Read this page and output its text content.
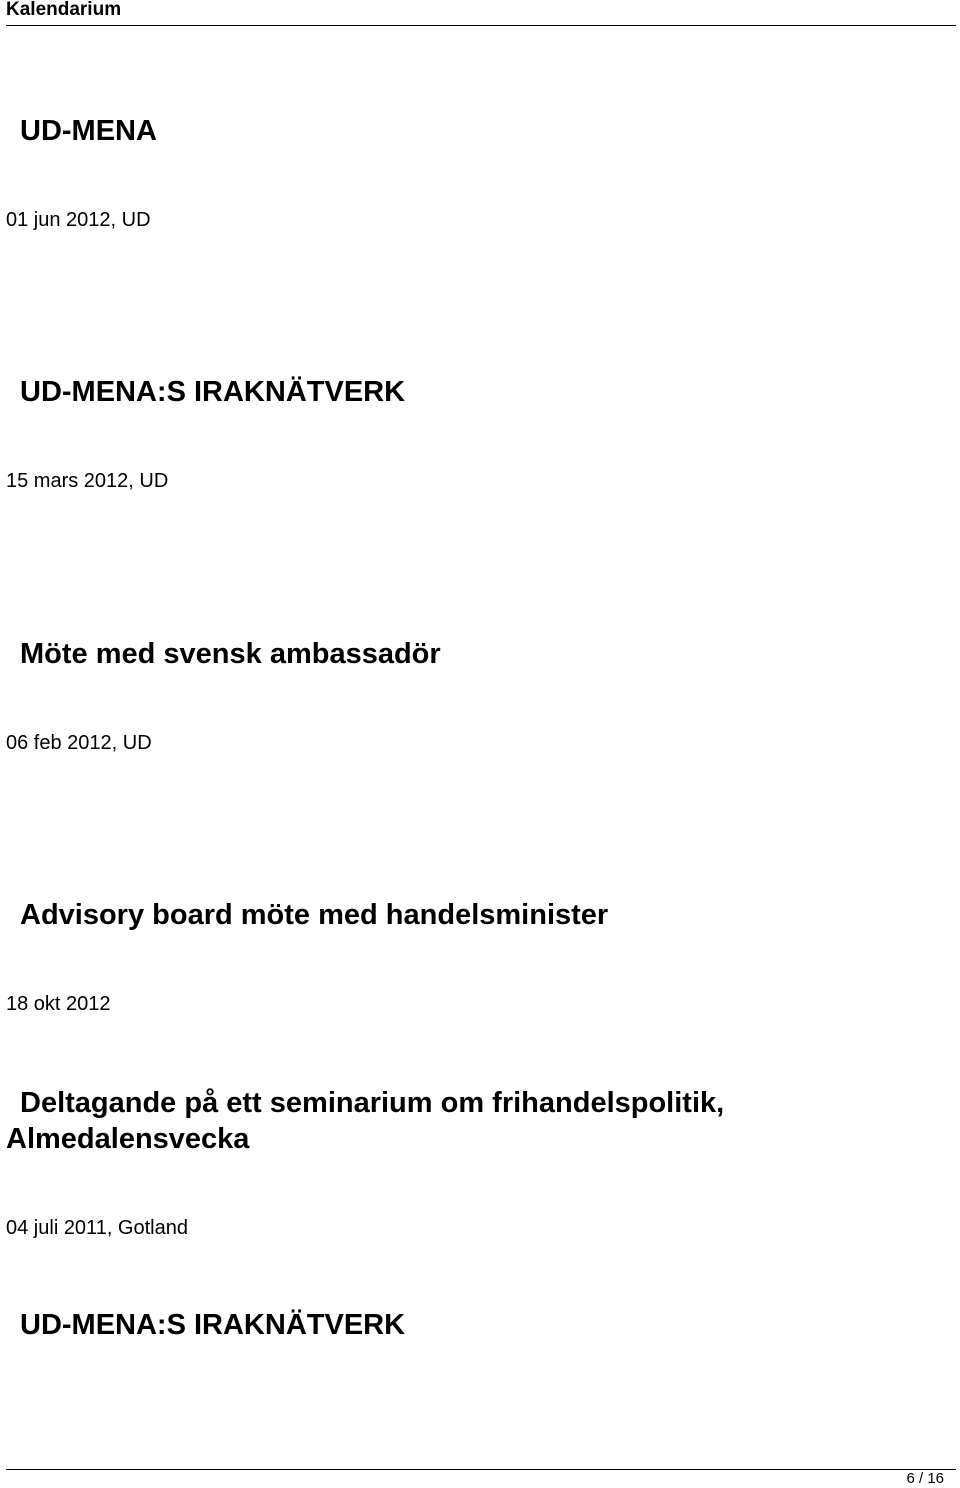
Kalendarium
UD-MENA
01 jun 2012, UD
UD-MENA:S IRAKNÄTVERK
15 mars 2012, UD
Möte med svensk ambassadör
06 feb 2012, UD
Advisory board möte med handelsminister
18 okt 2012
Deltagande på ett seminarium om frihandelspolitik, Almedalensvecka
04 juli 2011, Gotland
UD-MENA:S IRAKNÄTVERK
6 / 16
